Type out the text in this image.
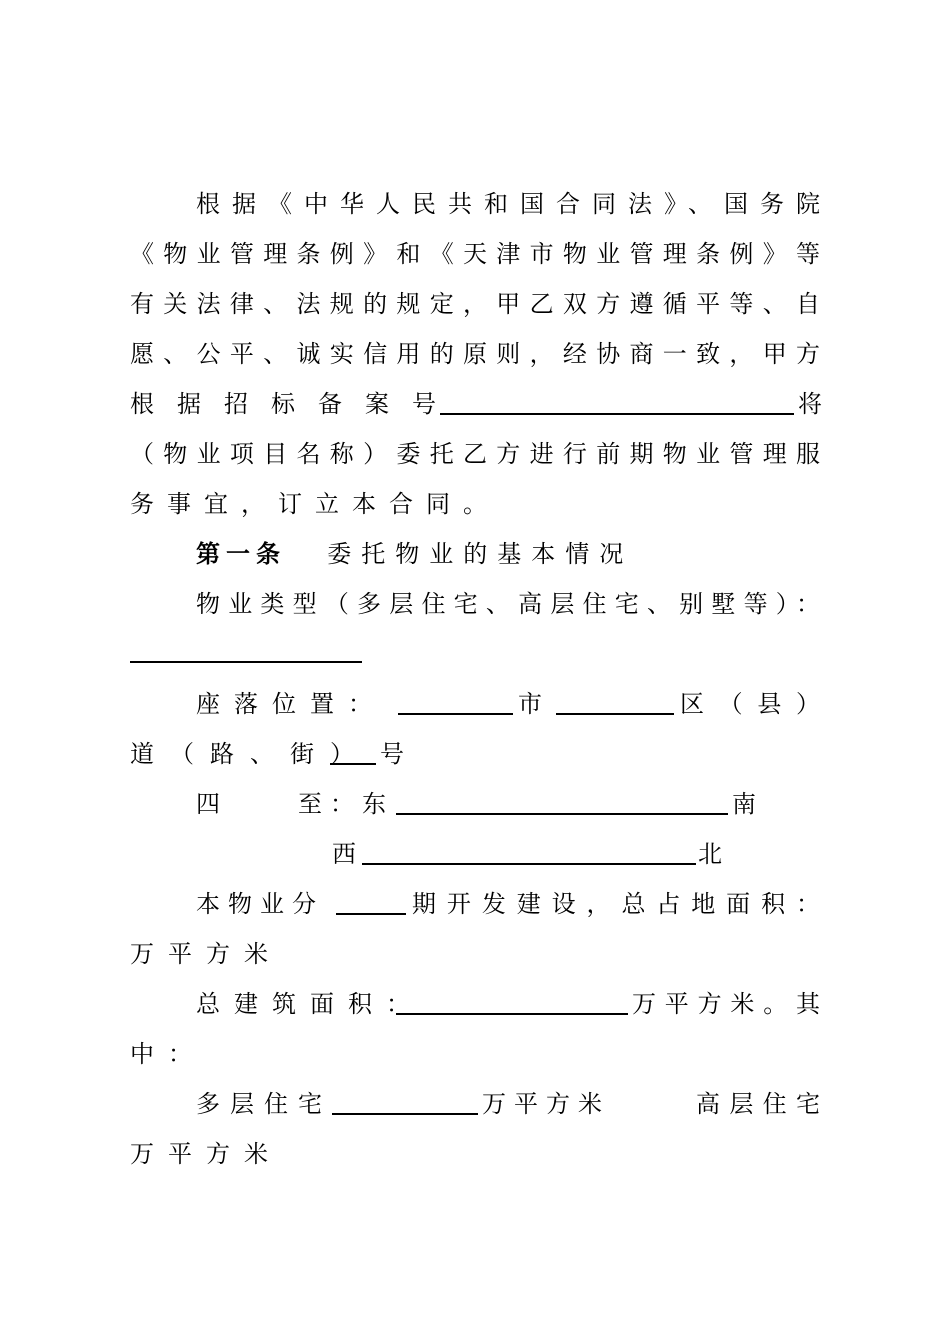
根据《中华人民共和国合同法》、国务院
《物业管理条例》和《天津市物业管理条例》等
有关法律、法规的规定，甲乙双方遵循平等、自
愿、公平、诚实信用的原则，经协商一致，甲方
根据招标备案号	将
（物业项目名称）委托乙方进行前期物业管理服
务事宜，订立本合同。
第一条 委托物业的基本情况
物业类型（多层住宅、高层住宅、别墅等）：
座落位置：	市	区（县）
道（路、街） 号
四	至：东	南
西	北
本物业分	期开发建设，总占地面积：
万平方米
总建筑面积：	万平方米。其
中：
多层住宅	万平方米	高层住宅
万平方米
